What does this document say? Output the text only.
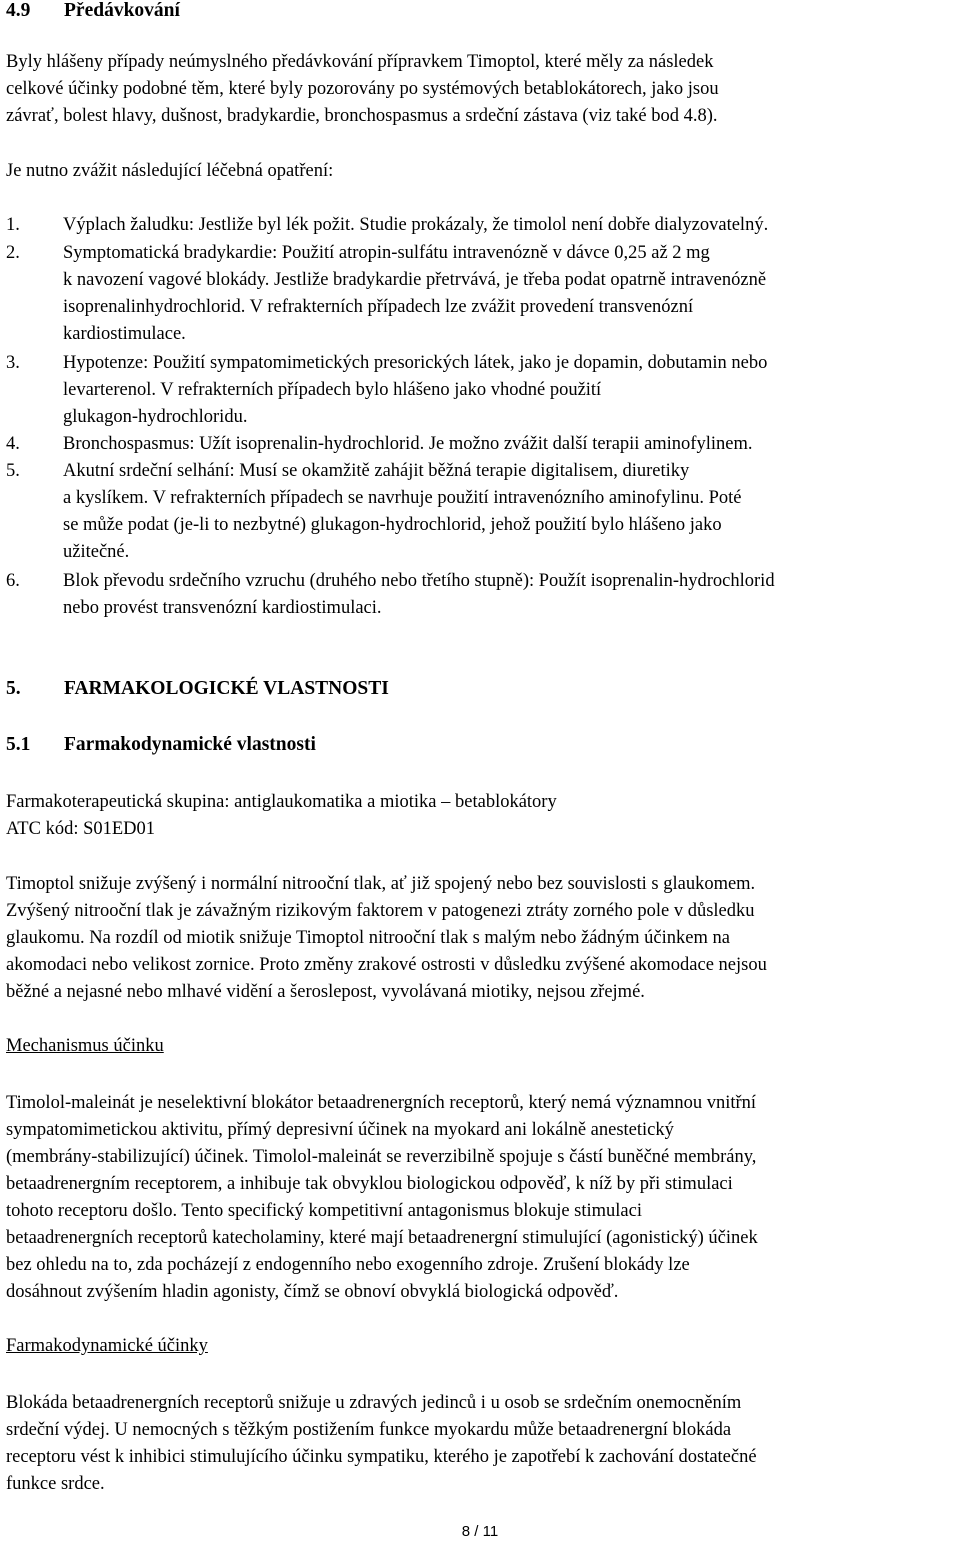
4.9 Předávkování

Byly hlášeny případy neúmyslného předávkování přípravkem Timoptol, které měly za následek
celkové účinky podobné těm, které byly pozorovány po systémových betablokátorech, jako jsou
závrať, bolest hlavy, dušnost, bradykardie, bronchospasmus a srdeční zástava (viz také bod 4.8).

Je nutno zvážit následující léčebná opatření:

1. Výplach žaludku: Jestliže byl lék požit. Studie prokázaly, že timolol není dobře dialyzovatelný.
2. Symptomatická bradykardie: Použití atropin-sulfátu intravenózně v dávce 0,25 až 2 mg
k navození vagové blokády. Jestliže bradykardie přetrvává, je třeba podat opatrně intravenózně
isoprenalinhydrochlorid. V refrakterních případech lze zvážit provedení transvenózní
kardiostimulace.
3. Hypotenze: Použití sympatomimetických presorických látek, jako je dopamin, dobutamin nebo
levarterenol. V refrakterních případech bylo hlášeno jako vhodné použití
glukagon-hydrochloridu.
4. Bronchospasmus: Užít isoprenalin-hydrochlorid. Je možno zvážit další terapii aminofylinem.
5. Akutní srdeční selhání: Musí se okamžitě zahájit běžná terapie digitalisem, diuretiky
a kyslíkem. V refrakterních případech se navrhuje použití intravenózního aminofylinu. Poté
se může podat (je-li to nezbytné) glukagon-hydrochlorid, jehož použití bylo hlášeno jako
užitečné.
6. Blok převodu srdečního vzruchu (druhého nebo třetího stupně): Použít isoprenalin-hydrochlorid
nebo provést transvenózní kardiostimulaci.
5. FARMAKOLOGICKÉ VLASTNOSTI
5.1 Farmakodynamické vlastnosti

Farmakoterapeutická skupina: antiglaukomatika a miotika – betablokátory
ATC kód: S01ED01

Timoptol snižuje zvýšený i normální nitrooční tlak, ať již spojený nebo bez souvislosti s glaukomem.
Zvýšený nitrooční tlak je závažným rizikovým faktorem v patogenezi ztráty zorného pole v důsledku
glaukomu. Na rozdíl od miotik snižuje Timoptol nitrooční tlak s malým nebo žádným účinkem na
akomodaci nebo velikost zornice. Proto změny zrakové ostrosti v důsledku zvýšené akomodace nejsou
běžné a nejasné nebo mlhavé vidění a šeroslepost, vyvolávaná miotiky, nejsou zřejmé.

Mechanismus účinku

Timolol-maleinát je neselektivní blokátor betaadrenergních receptorů, který nemá významnou vnitřní
sympatomimetickou aktivitu, přímý depresivní účinek na myokard ani lokálně anestetický
(membrány-stabilizující) účinek. Timolol-maleinát se reverzibilně spojuje s částí buněčné membrány,
betaadrenergním receptorem, a inhibuje tak obvyklou biologickou odpověď, k níž by při stimulaci
tohoto receptoru došlo. Tento specifický kompetitivní antagonismus blokuje stimulaci
betaadrenergních receptorů katecholaminy, které mají betaadrenergní stimulující (agonistický) účinek
bez ohledu na to, zda pocházejí z endogenního nebo exogenního zdroje. Zrušení blokády lze
dosáhnout zvýšením hladin agonisty, čímž se obnoví obvyklá biologická odpověď.

Farmakodynamické účinky

Blokáda betaadrenergních receptorů snižuje u zdravých jedinců i u osob se srdečním onemocněním
srdeční výdej. U nemocných s těžkým postižením funkce myokardu může betaadrenergní blokáda
receptoru vést k inhibici stimulujícího účinku sympatiku, kterého je zapotřebí k zachování dostatečné
funkce srdce.

8 / 11
